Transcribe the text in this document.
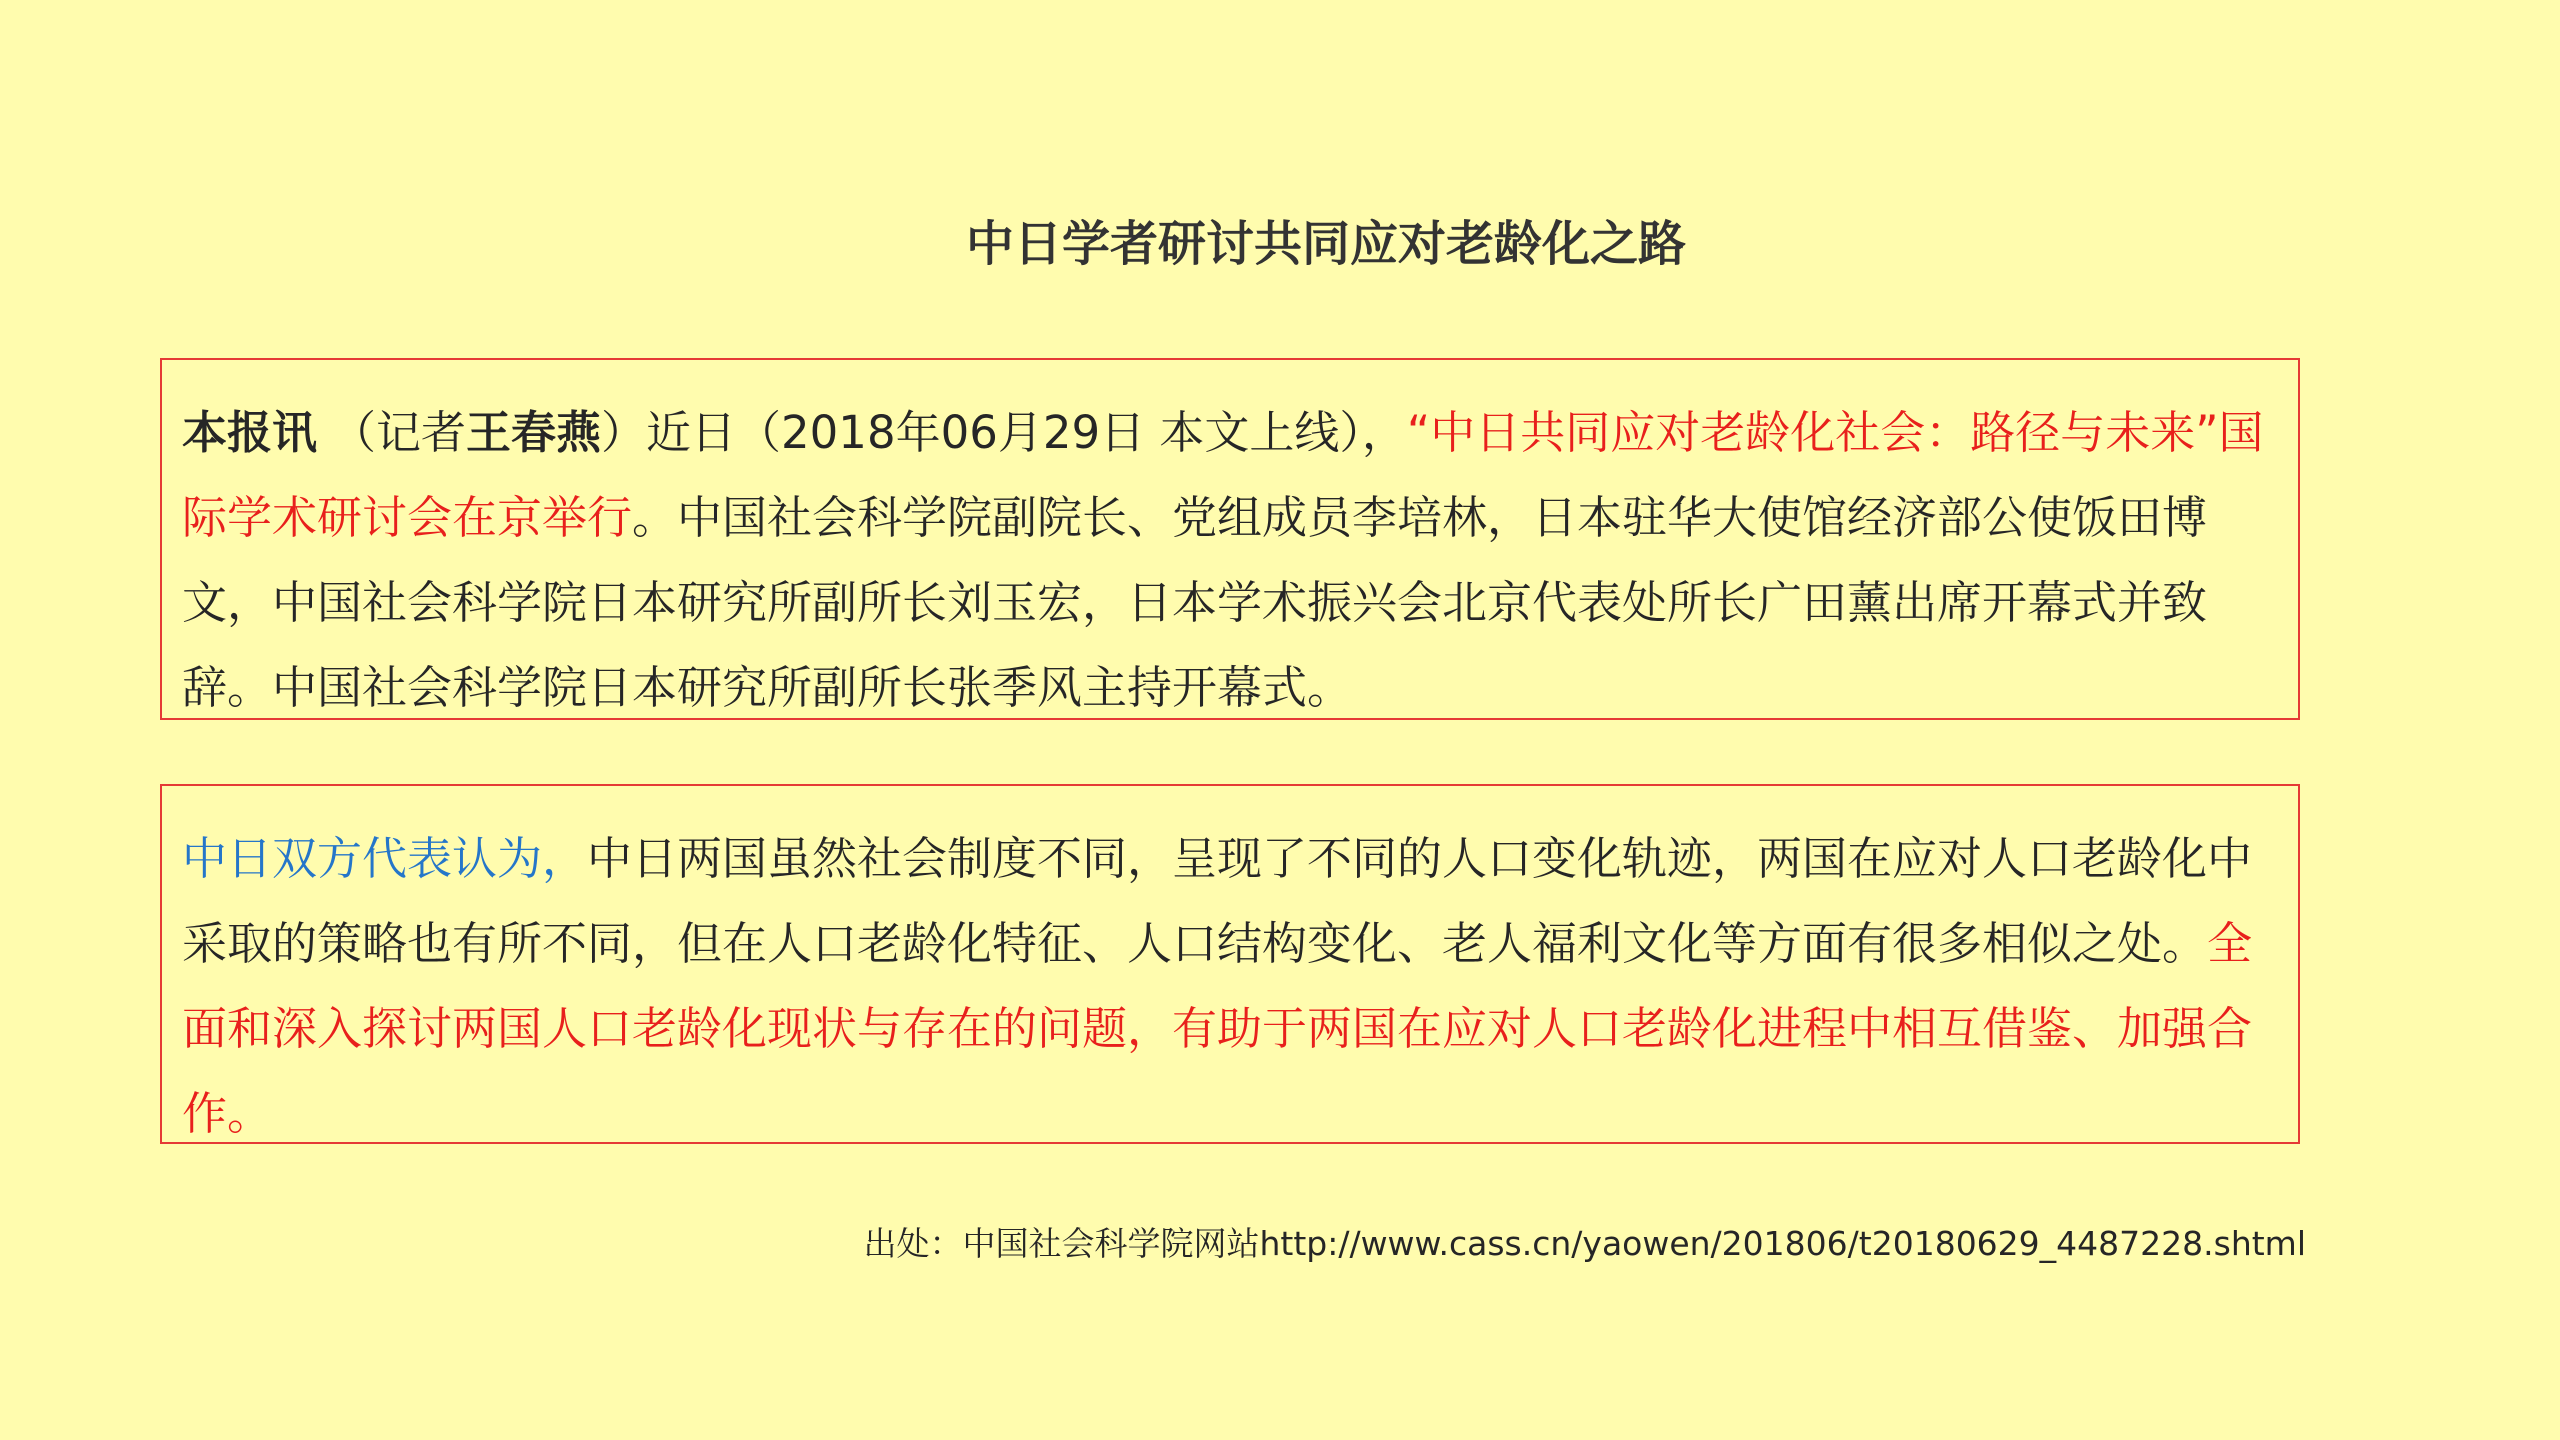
中日学者研讨共同应对老龄化之路
本报讯 （记者王春燕）近日（2018年06月29日 本文上线），“中日共同应对老龄化社会：路径与未来”国际学术研讨会在京举行。中国社会科学院副院长、党组成员李培林，日本驻华大使馆经济部公使饭田博文，中国社会科学院日本研究所副所长刘玉宏，日本学术振兴会北京代表处所长广田薰出席开幕式并致辞。中国社会科学院日本研究所副所长张季风主持开幕式。
中日双方代表认为，中日两国虽然社会制度不同，呈现了不同的人口变化轨迹，两国在应对人口老龄化中采取的策略也有所不同，但在人口老龄化特征、人口结构变化、老人福利文化等方面有很多相似之处。全面和深入探讨两国人口老龄化现状与存在的问题，有助于两国在应对人口老龄化进程中相互借鉴、加强合作。
出处：中国社会科学院网站http://www.cass.cn/yaowen/201806/t20180629_4487228.shtml
